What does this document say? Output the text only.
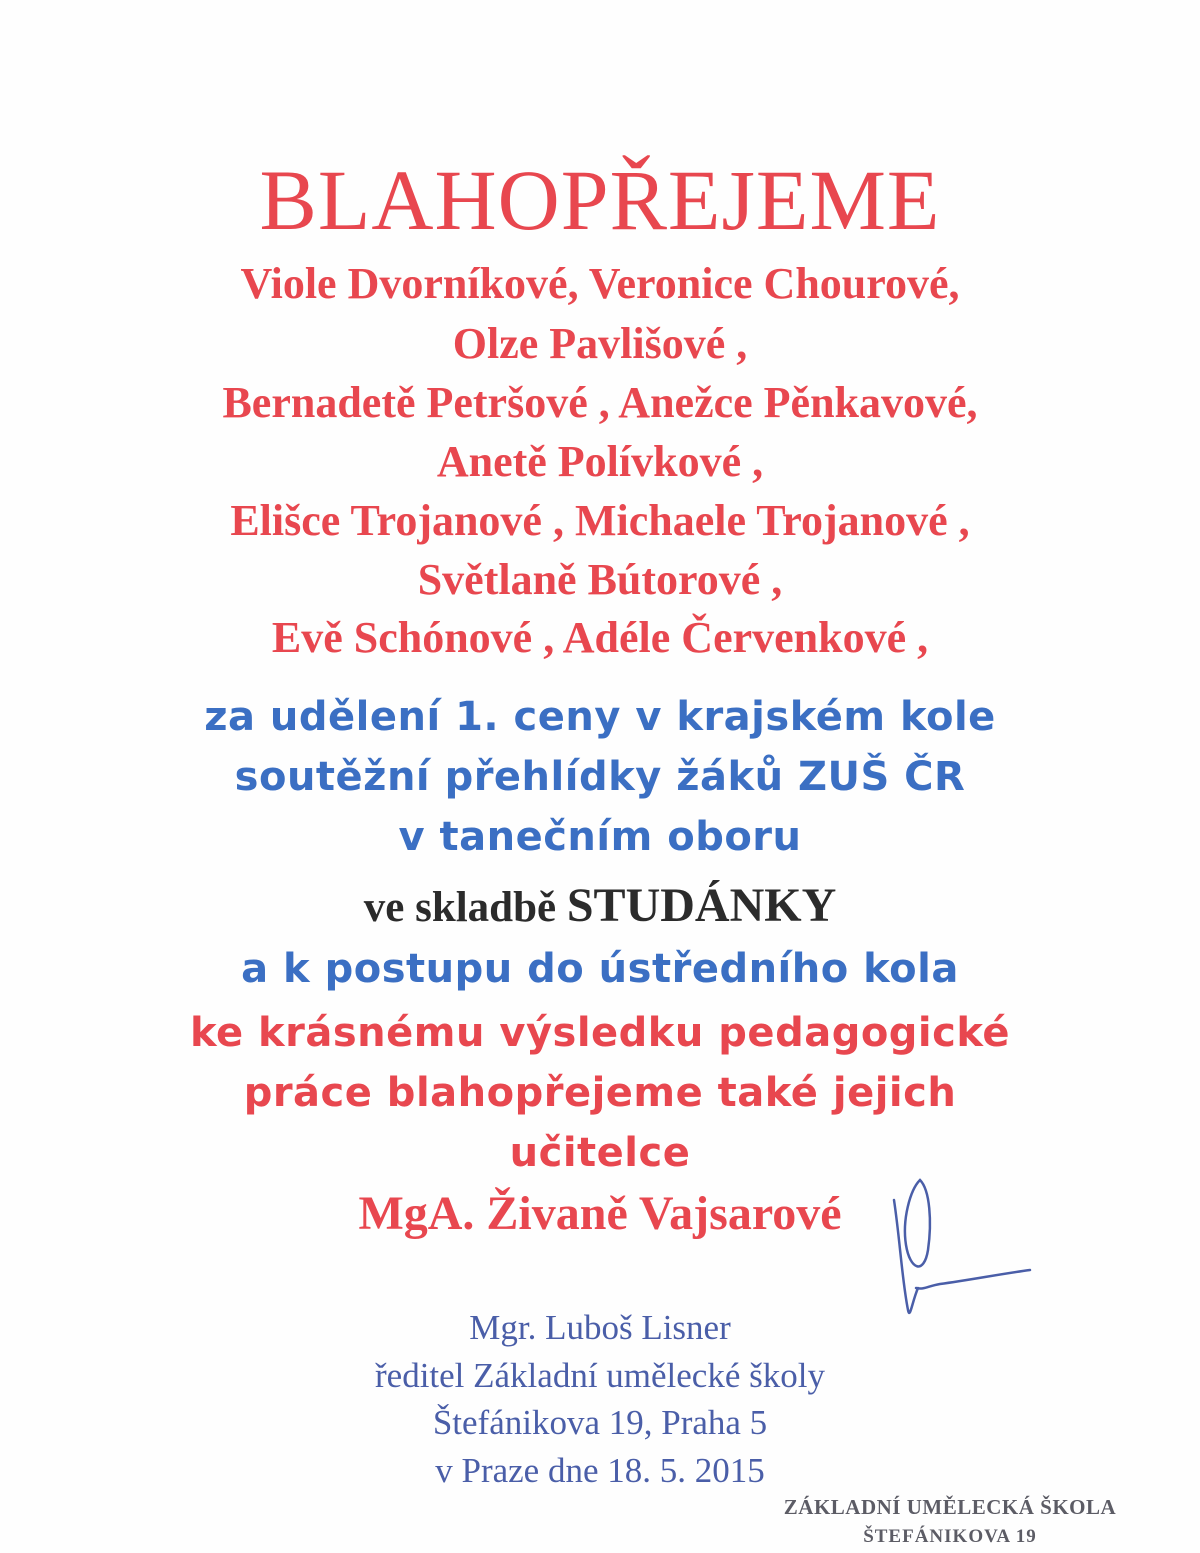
BLAHOPŘEJEME

Viole Dvorníkové, Veronice Chourové,

Olze Pavlišové ,

Bernadetě Petršové , Anežce Pěnkavové,

Anetě Polívkové ,

Elišce Trojanové , Michaele Trojanové ,

Světlaně Bútorové ,

Evě Schónové , Adéle Červenkové ,

za udělení 1. ceny v krajském kole

soutěžní přehlídky žáků ZUŠ ČR

v tanečním oboru

ve skladbě STUDÁNKY

a k postupu do ústředního kola

ke krásnému výsledku pedagogické

práce blahopřejeme také jejich

učitelce

MgA. Živaně Vajsarové

Mgr. Luboš Lisner

ředitel Základní umělecké školy

Štefánikova 19, Praha 5

v Praze dne 18. 5. 2015

ZÁKLADNÍ UMĚLECKÁ ŠKOLA
ŠTEFÁNIKOVA 19
